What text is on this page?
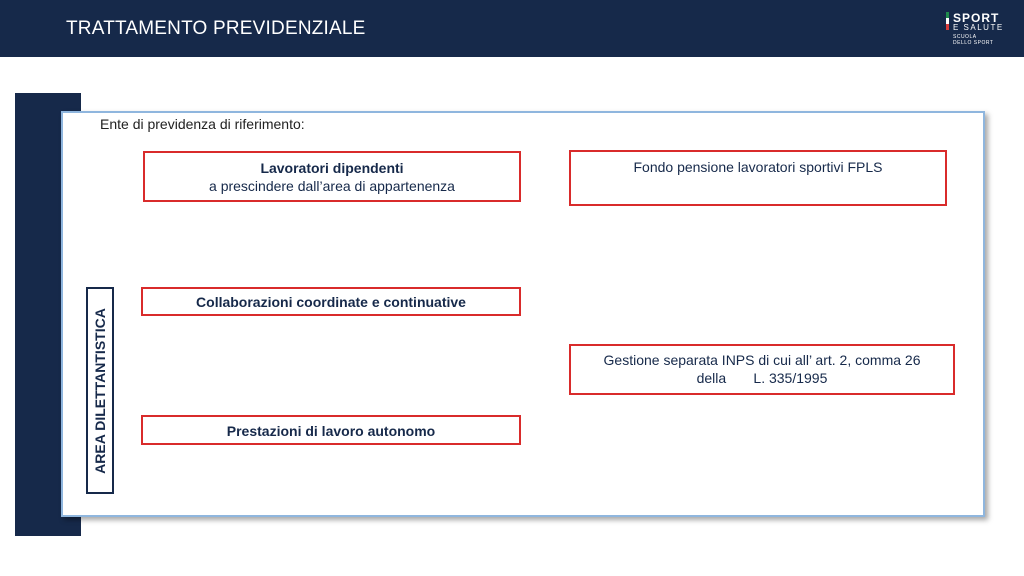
TRATTAMENTO PREVIDENZIALE	SPORT
E SALUTE
SCUOLA
DELLO SPORT
Ente di previdenza di riferimento:
Lavoratori dipendenti
a prescindere dall’area di appartenenza
Fondo pensione lavoratori sportivi FPLS
AREA DILETTANTISTICA
Collaborazioni coordinate e continuative
Gestione separata INPS di cui all’ art. 2, comma 26
della       L. 335/1995
Prestazioni di lavoro autonomo
